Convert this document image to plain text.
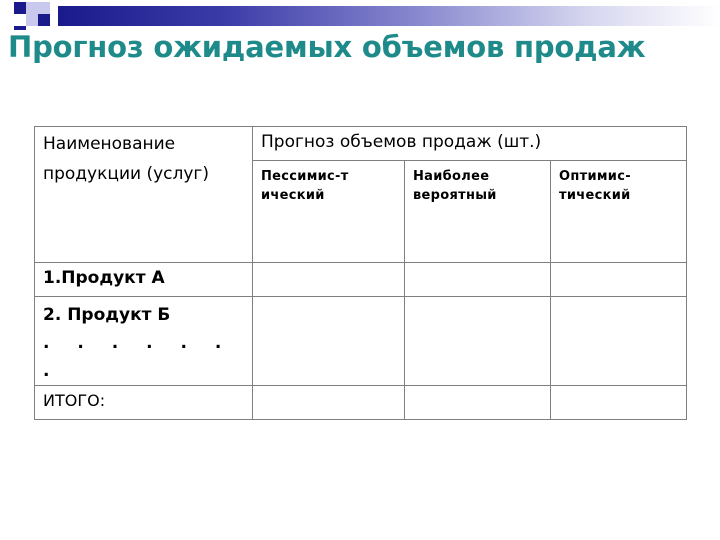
Прогноз ожидаемых объемов продаж
Наименование продукции (услуг)	Прогноз объемов продаж (шт.)		
	Пессимис-т ический	Наиболее вероятный	Оптимис- тический
1.Продукт А			

2. Продукт Б
. . . . . . .			

ИТОГО:			
